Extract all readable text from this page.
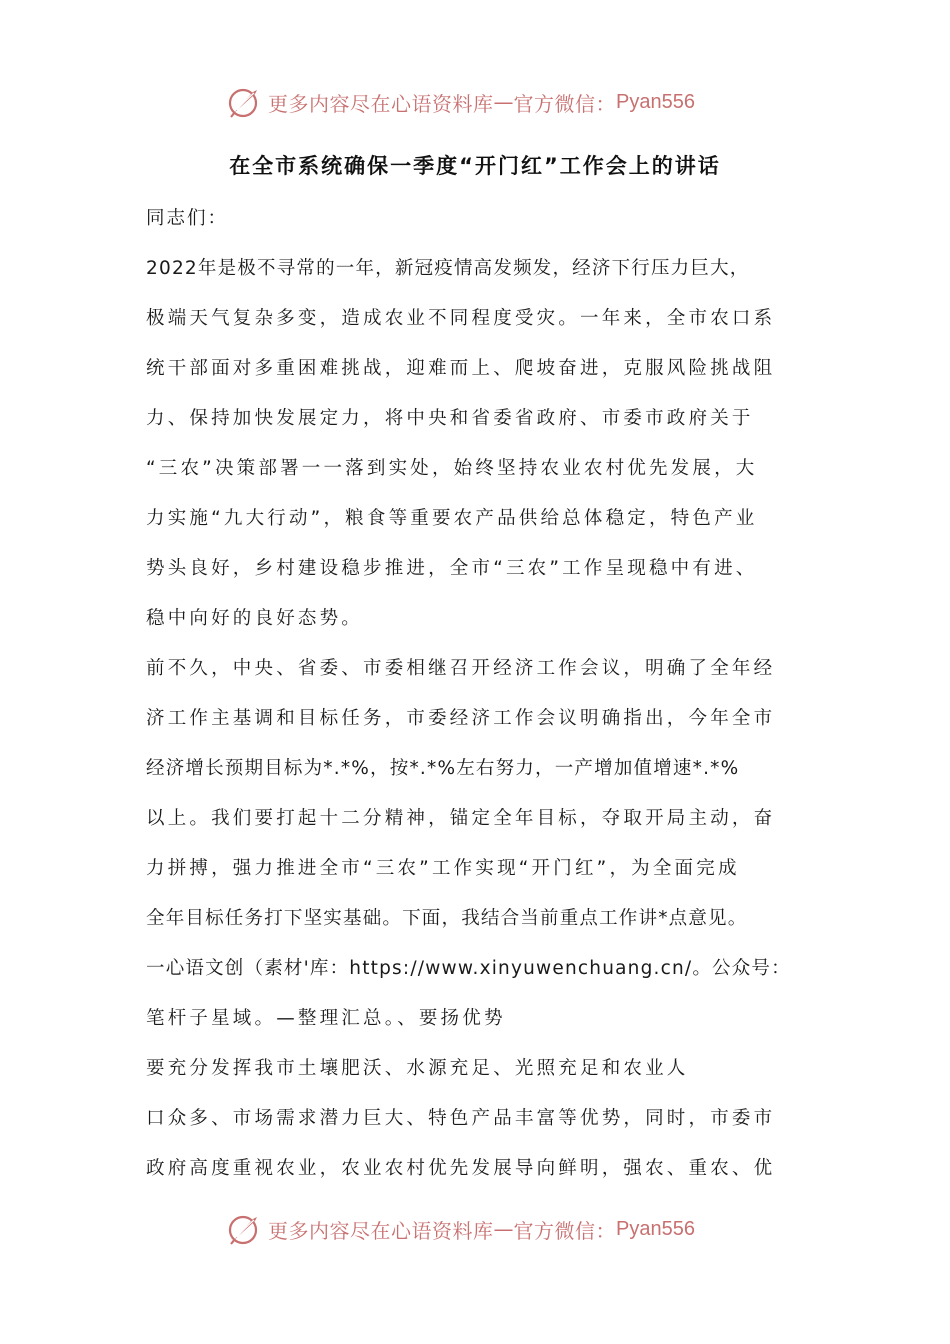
更多内容尽在心语资料库 — 官方微信： Pyan556
在全市系统确保一季度“开门红”工作会上的讲话
同志们：
2022年是极不寻常的一年，新冠疫情高发频发，经济下行压力巨大，
极端天气复杂多变，造成农业不同程度受灾。一年来，全市农口系
统干部面对多重困难挑战，迎难而上、爬坡奋进，克服风险挑战阻
力、保持加快发展定力，将中央和省委省政府、市委市政府关于
“三农”决策部署一一落到实处，始终坚持农业农村优先发展，大
力实施“九大行动”，粮食等重要农产品供给总体稳定，特色产业
势头良好，乡村建设稳步推进，全市“三农”工作呈现稳中有进、
稳中向好的良好态势。
前不久，中央、省委、市委相继召开经济工作会议，明确了全年经
济工作主基调和目标任务，市委经济工作会议明确指出，今年全市
经济增长预期目标为*.*%，按*.*%左右努力，一产增加值增速*.*%
以上。我们要打起十二分精神，锚定全年目标，夺取开局主动，奋
力拼搏，强力推进全市“三农”工作实现“开门红”，为全面完成
全年目标任务打下坚实基础。下面，我结合当前重点工作讲*点意见。
一心语文创（素材'库：https://www.xinyuwenchuang.cn/。公众号：
笔杆子星域。—整理汇总。、要扬优势
要充分发挥我市土壤肥沃、水源充足、光照充足和农业人
口众多、市场需求潜力巨大、特色产品丰富等优势，同时，市委市
政府高度重视农业，农业农村优先发展导向鲜明，强农、重农、优
更多内容尽在心语资料库 — 官方微信： Pyan556
